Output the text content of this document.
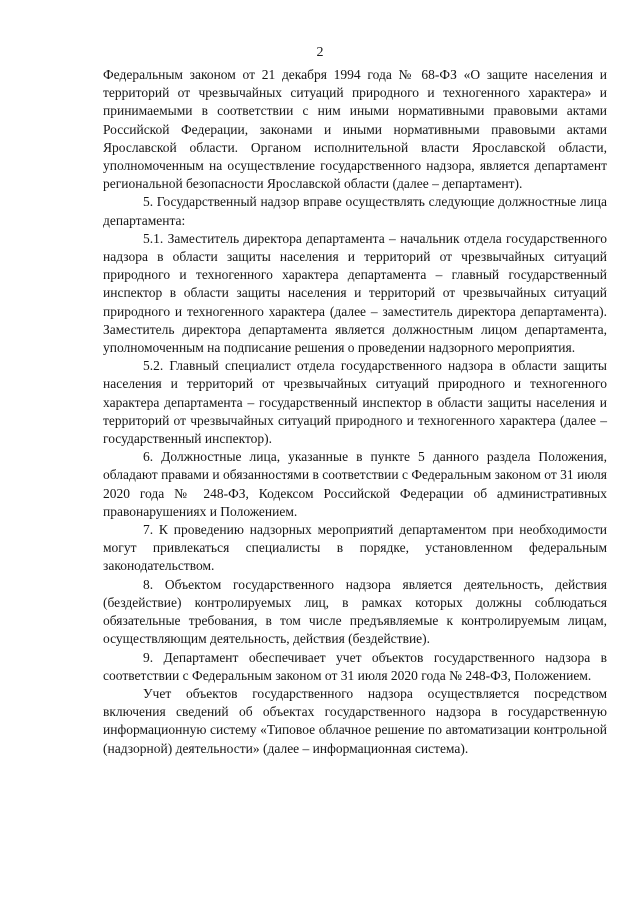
2

Федеральным законом от 21 декабря 1994 года № 68-ФЗ «О защите населения и территорий от чрезвычайных ситуаций природного и техногенного характера» и принимаемыми в соответствии с ним иными нормативными правовыми актами Российской Федерации, законами и иными нормативными правовыми актами Ярославской области. Органом исполнительной власти Ярославской области, уполномоченным на осуществление государственного надзора, является департамент региональной безопасности Ярославской области (далее – департамент).

5. Государственный надзор вправе осуществлять следующие должностные лица департамента:

5.1. Заместитель директора департамента – начальник отдела государственного надзора в области защиты населения и территорий от чрезвычайных ситуаций природного и техногенного характера департамента – главный государственный инспектор в области защиты населения и территорий от чрезвычайных ситуаций природного и техногенного характера (далее – заместитель директора департамента). Заместитель директора департамента является должностным лицом департамента, уполномоченным на подписание решения о проведении надзорного мероприятия.

5.2. Главный специалист отдела государственного надзора в области защиты населения и территорий от чрезвычайных ситуаций природного и техногенного характера департамента – государственный инспектор в области защиты населения и территорий от чрезвычайных ситуаций природного и техногенного характера (далее – государственный инспектор).

6. Должностные лица, указанные в пункте 5 данного раздела Положения, обладают правами и обязанностями в соответствии с Федеральным законом от 31 июля 2020 года № 248-ФЗ, Кодексом Российской Федерации об административных правонарушениях и Положением.

7. К проведению надзорных мероприятий департаментом при необходимости могут привлекаться специалисты в порядке, установленном федеральным законодательством.

8. Объектом государственного надзора является деятельность, действия (бездействие) контролируемых лиц, в рамках которых должны соблюдаться обязательные требования, в том числе предъявляемые к контролируемым лицам, осуществляющим деятельность, действия (бездействие).

9. Департамент обеспечивает учет объектов государственного надзора в соответствии с Федеральным законом от 31 июля 2020 года № 248-ФЗ, Положением.

Учет объектов государственного надзора осуществляется посредством включения сведений об объектах государственного надзора в государственную информационную систему «Типовое облачное решение по автоматизации контрольной (надзорной) деятельности» (далее – информационная система).
